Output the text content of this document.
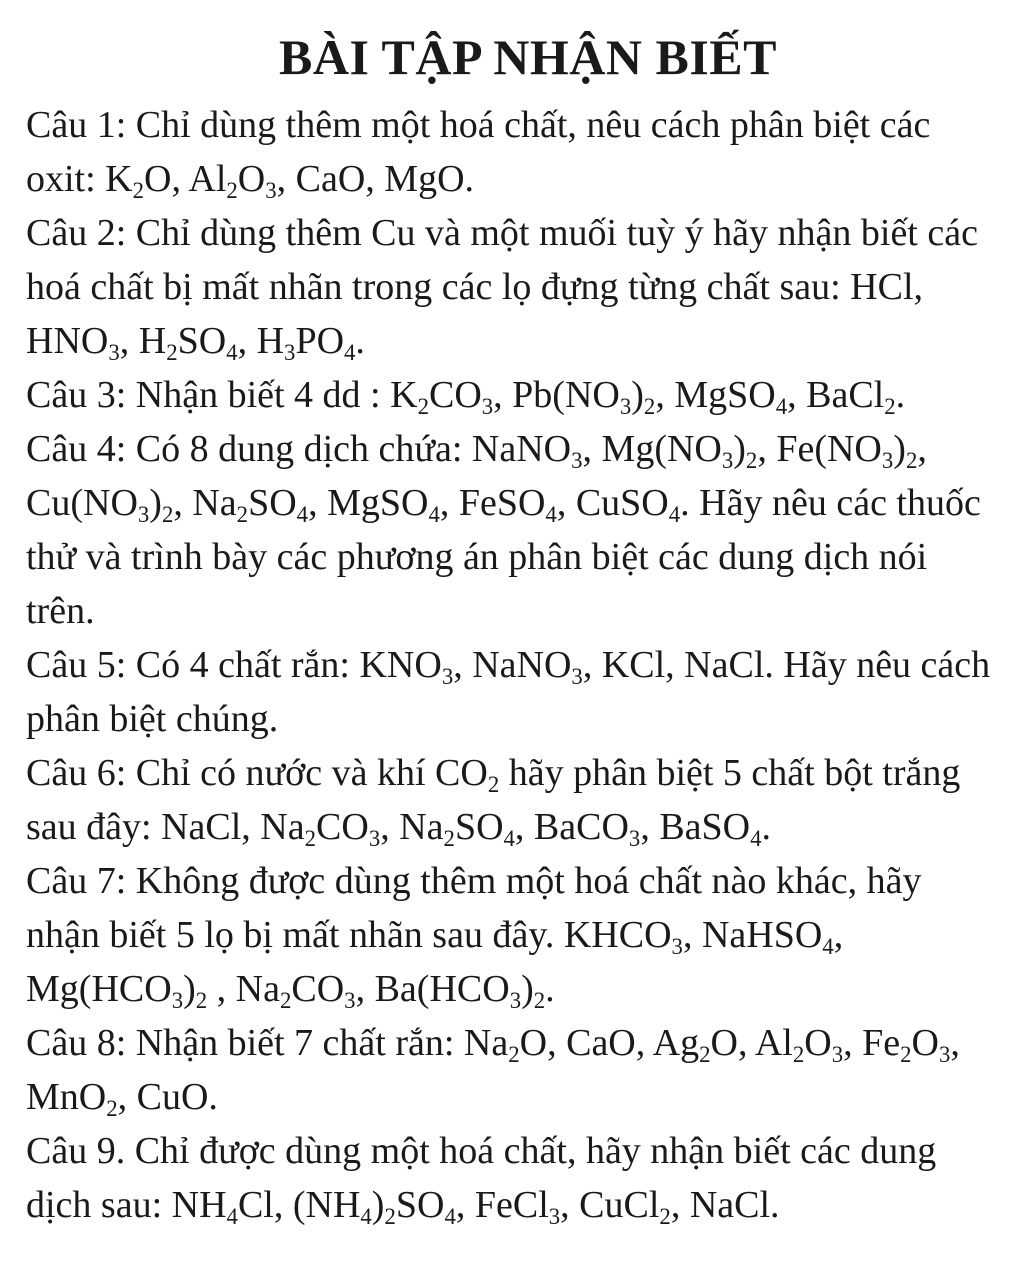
BÀI TẬP NHẬN BIẾT
Câu 1: Chỉ dùng thêm một hoá chất, nêu cách phân biệt các
oxit: $K_2O$, $Al_2O_3$, CaO, MgO.
Câu 2: Chỉ dùng thêm Cu và một muối tuỳ ý hãy nhận biết các
hoá chất bị mất nhãn trong các lọ đựng từng chất sau: HCl,
$HNO_3$, $H_2SO_4$, $H_3PO_4$.
Câu 3: Nhận biết 4 dd : $K_2CO_3$, $Pb(NO_3)_2$, MgSO$_4$, BaCl$_2$.
Câu 4: Có 8 dung dịch chứa: NaNO$_3$, $Mg(NO_3)_2$, $Fe(NO_3)_2$,
$Cu(NO_3)_2$, $Na_2SO_4$, MgSO$_4$, FeSO$_4$, CuSO$_4$. Hãy nêu các thuốc
thử và trình bày các phương án phân biệt các dung dịch nói
trên.
Câu 5: Có 4 chất rắn: $KNO_3$, NaNO$_3$, KCl, NaCl. Hãy nêu cách
phân biệt chúng.
Câu 6: Chỉ có nước và khí $CO_2$ hãy phân biệt 5 chất bột trắng
sau đây: NaCl, $Na_2CO_3$, $Na_2SO_4$, BaCO$_3$, BaSO$_4$.
Câu 7: Không được dùng thêm một hoá chất nào khác, hãy
nhận biết 5 lọ bị mất nhãn sau đây. $KHCO_3$, NaHSO$_4$,
$Mg(HCO_3)_2$ , $Na_2CO_3$, $Ba(HCO_3)_2$.
Câu 8: Nhận biết 7 chất rắn: $Na_2O$, CaO, $Ag_2O$, $Al_2O_3$, $Fe_2O_3$,
MnO$_2$, CuO.
Câu 9. Chỉ được dùng một hoá chất, hãy nhận biết các dung
dịch sau: $NH_4Cl$, $(NH_4)_2SO_4$, FeCl$_3$, CuCl$_2$, NaCl.
